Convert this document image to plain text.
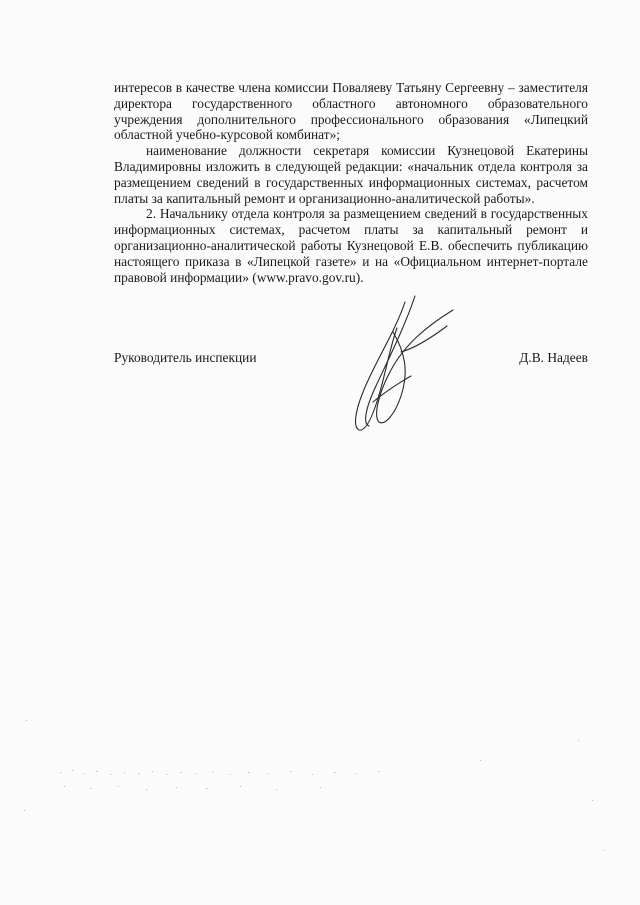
интересов в качестве члена комиссии Поваляеву Татьяну Сергеевну – заместителя директора государственного областного автономного образовательного учреждения дополнительного профессионального образования «Липецкий областной учебно-курсовой комбинат»;

наименование должности секретаря комиссии Кузнецовой Екатерины Владимировны изложить в следующей редакции: «начальник отдела контроля за размещением сведений в государственных информационных системах, расчетом платы за капитальный ремонт и организационно-аналитической работы».

2. Начальнику отдела контроля за размещением сведений в государственных информационных системах, расчетом платы за капитальный ремонт и организационно-аналитической работы Кузнецовой Е.В. обеспечить публикацию настоящего приказа в «Липецкой газете» и на «Официальном интернет-портале правовой информации» (www.pravo.gov.ru).

Руководитель инспекции	Д.В. Надеев
